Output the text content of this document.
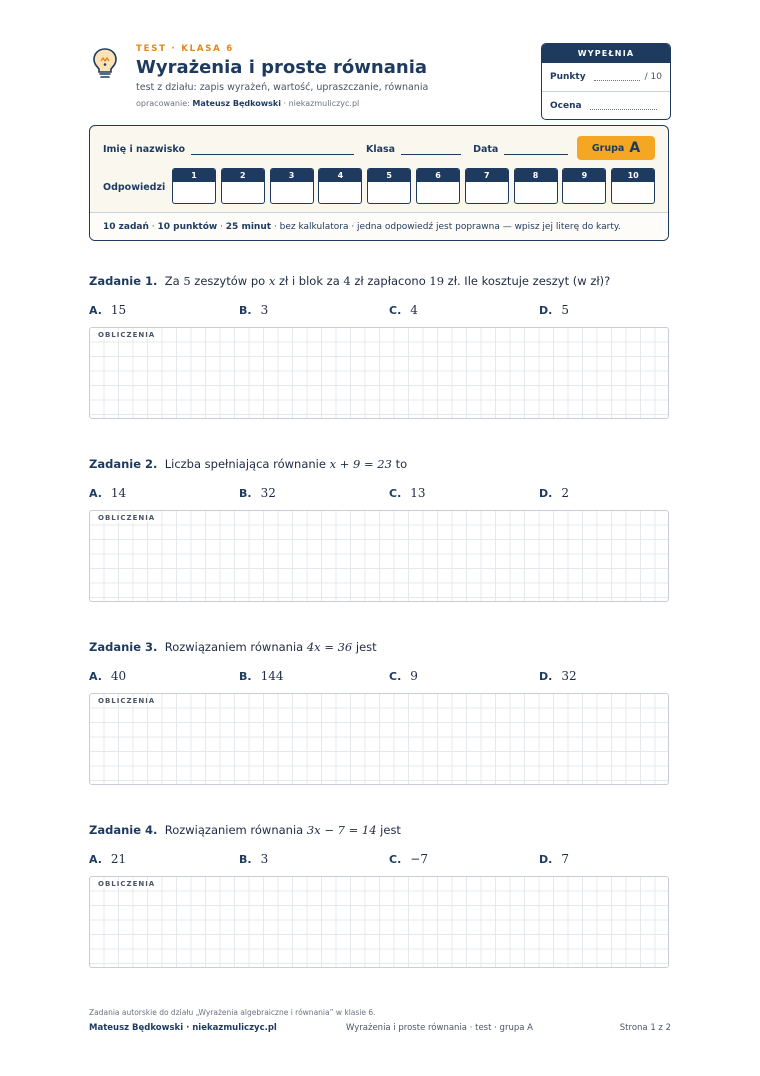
TEST · KLASA 6
Wyrażenia i proste równania
test z działu: zapis wyrażeń, wartość, upraszczanie, równania
opracowanie: Mateusz Będkowski · niekazmuliczyc.pl
WYPEŁNIA NAUCZYCIEL
Punkty	/ 10
Ocena
Imię i nazwisko	Klasa	Data	Grupa A
Odpowiedzi
1	2	3	4	5	6	7	8	9	10
10 zadań · 10 punktów · 25 minut · bez kalkulatora · jedna odpowiedź jest poprawna — wpisz jej literę do karty.
Zadanie 1. Za 5 zeszytów po x zł i blok za 4 zł zapłacono 19 zł. Ile kosztuje zeszyt (w zł)?
A. 15	B. 3	C. 4	D. 5
OBLICZENIA
Zadanie 2. Liczba spełniająca równanie x + 9 = 23 to
A. 14	B. 32	C. 13	D. 2
OBLICZENIA
Zadanie 3. Rozwiązaniem równania 4x = 36 jest
A. 40	B. 144	C. 9	D. 32
OBLICZENIA
Zadanie 4. Rozwiązaniem równania 3x − 7 = 14 jest
A. 21	B. 3	C. −7	D. 7
OBLICZENIA
Zadania autorskie do działu „Wyrażenia algebraiczne i równania” w klasie 6.
Mateusz Będkowski · niekazmuliczyc.pl	Wyrażenia i proste równania · test · grupa A	Strona 1 z 2
